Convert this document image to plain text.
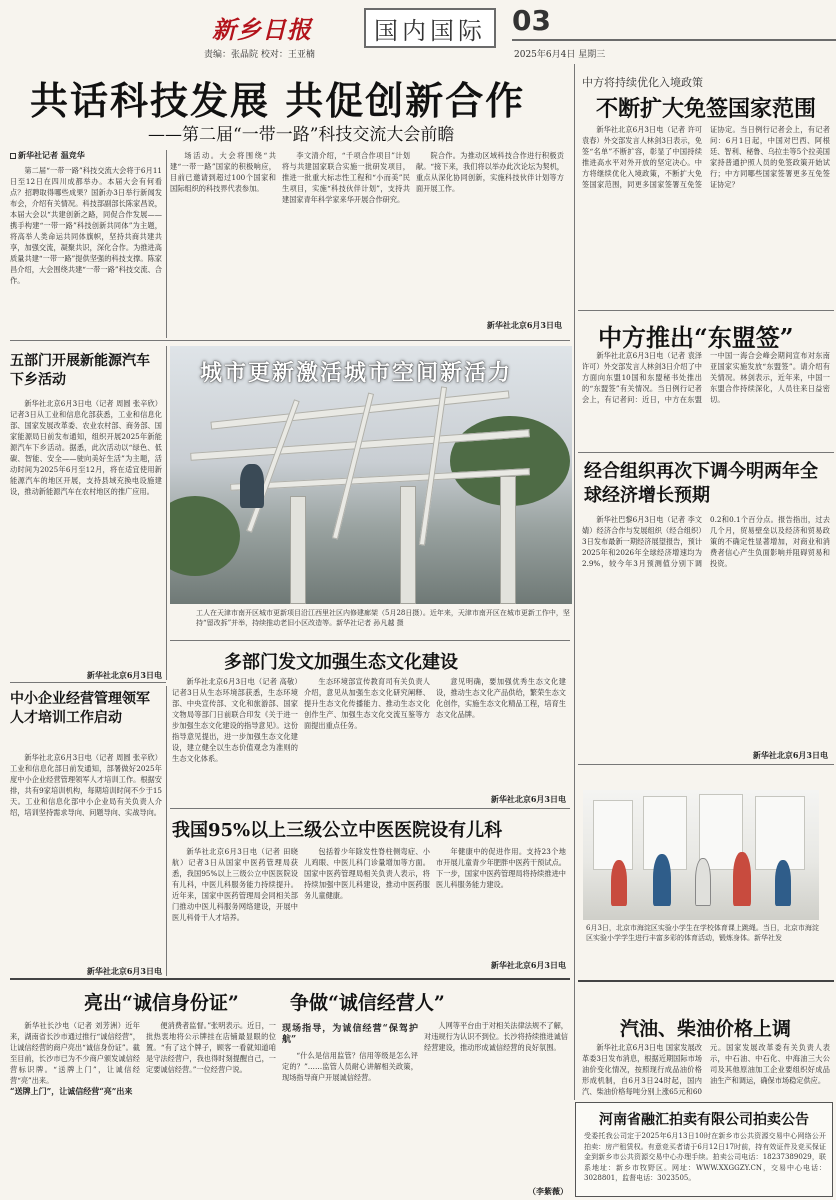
新乡日报
责编：张晶院 校对：王亚楠
国内国际 03
2025年6月4日 星期三
共话科技发展 共促创新合作
——第二届“一带一路”科技交流大会前瞻
新华社记者 温竞华

第二届“一带一路”科技交流大会将于6月11日至12日在四川成都举办。本届大会有何看点？招聘取得哪些成果？国新办3日举行新闻发布会，介绍有关情况。科技部副部长陈家昌说，本届大会以“共建创新之路，同促合作发展——携手构建“一带一路”科技创新共同体”为主题，将高举人类命运共同体旗帜，坚持共商共建共享，加强交流，凝聚共识，深化合作。为推进高质量共建“一带一路”提供坚强的科技支撑。陈家昌介绍，大会围绕共建“一带一路”科技交流、合作。

场活动。大会将围绕“共建“一带一路”国家的积极响应，目前已邀请到超过100个国家和国际组织的科技界代表参加。

李文清介绍，“千项合作项目”计划将与共建国家联合实施一批研发项目，推进一批重大标志性工程和“小而美”民生项目，实施“科技伙伴计划”，支持共建国家青年科学家来华开展合作研究。

院合作。为推动区域科技合作进行积极贡献。“接下来，我们将以举办此次论坛为契机，重点从深化协同创新，实施科技伙伴计划等方面开展工作。

新华社北京6月3日电
中方将持续优化入境政策
不断扩大免签国家范围

新华社北京6月3日电（记者 许可 袁春）外交部发言人林剑3日表示，免签“名单”不断扩容，彰显了中国持续推进高水平对外开放的坚定决心。中方将继续优化入境政策，不断扩大免签国家范围，同更多国家签署互免签证协定。当日例行记者会上，有记者问：6月1日起，中国对巴西、阿根廷、智利、秘鲁、乌拉圭等5个拉美国家持普通护照人员的免签政策开始试行；中方同哪些国家签署更多互免签证协定？

中方推出“东盟签”

新华社北京6月3日电（记者 袁泽 许可）外交部发言人林剑3日介绍了中方面向东盟10国和东盟秘书处推出的“东盟签”有关情况。当日例行记者会上，有记者问：近日，中方在东盟一中国一海合会峰会期间宣布对东南亚国家实施发放“东盟签”。请介绍有关情况。林剑表示，近年来，中国一东盟合作持续深化，人员往来日益密切。

经合组织再次下调今明两年全球经济增长预期

新华社巴黎6月3日电（记者 李文婧）经济合作与发展组织（经合组织）3日发布最新一期经济展望报告，预计2025年和2026年全球经济增速均为2.9%，较今年3月预测值分别下调0.2和0.1个百分点。报告指出，过去几个月，贸易壁垒以及经济和贸易政策的不确定性显著增加，对商业和消费者信心产生负面影响并阻碍贸易和投资。

新华社北京6月3日电
五部门开展新能源汽车下乡活动

新华社北京6月3日电（记者 周圆 张辛欣）记者3日从工业和信息化部获悉，工业和信息化部、国家发展改革委、农业农村部、商务部、国家能源局日前发布通知，组织开展2025年新能源汽车下乡活动。据悉，此次活动以“绿色、低碳、智能、安全——驶向美好生活”为主题，活动时间为2025年6月至12月，将在适宜使用新能源汽车的地区开展，支持县域充换电设施建设，推动新能源汽车在农村地区的推广应用。

新华社北京6月3日电
城市更新激活城市空间新活力
工人在天津市南开区城市更新项目沿江西里社区内修建廊架（5月28日摄）。近年来，天津市南开区在城市更新工作中，坚持“留改拆”并举，持续推动老旧小区改造等。新华社记者 孙凡越 摄
多部门发文加强生态文化建设

新华社北京6月3日电（记者 高敬）记者3日从生态环境部获悉，生态环境部、中央宣传部、文化和旅游部、国家文物局等部门日前联合印发《关于进一步加强生态文化建设的指导意见》。这份指导意见提出，进一步加强生态文化建设，建立健全以生态价值观念为准则的生态文化体系。

生态环境部宣传教育司有关负责人介绍，意见从加强生态文化研究阐释、提升生态文化传播能力、推动生态文化创作生产、加强生态文化交流互鉴等方面提出重点任务。

意见明确，要加强优秀生态文化建设，推动生态文化产品供给，繁荣生态文化创作，实施生态文化精品工程，培育生态文化品牌。

新华社北京6月3日电
我国95%以上三级公立中医医院设有儿科

新华社北京6月3日电（记者 田晓航）记者3日从国家中医药管理局获悉，我国95%以上三级公立中医医院设有儿科，中医儿科服务能力持续提升。近年来，国家中医药管理局会同相关部门推动中医儿科服务网络建设，开展中医儿科骨干人才培养。

包括着少年除发性脊柱侧弯症、小儿鸡眼、中医儿科门诊量增加等方面。国家中医药管理局相关负责人表示，将持续加强中医儿科建设，推动中医药服务儿童健康。

年健康中的促进作用。支持23个地市开展儿童青少年肥胖中医药干预试点。下一步，国家中医药管理局将持续推进中医儿科服务能力建设。

新华社北京6月3日电
中小企业经营管理领军人才培训工作启动

新华社北京6月3日电（记者 周圆 张辛欣）工业和信息化部日前发通知，部署做好2025年度中小企业经营管理领军人才培训工作。根据安排，共有9家培训机构，每期培训时间不少于15天。工业和信息化部中小企业局有关负责人介绍，培训坚持需求导向、问题导向、实战导向。

新华社北京6月3日电
6月3日，北京市海淀区实验小学生在学校体育课上跳绳。当日，北京市海淀区实验小学学生进行丰富多彩的体育活动，锻炼身体。新华社发
亮出“诚信身份证”	争做“诚信经营人”

新华社长沙电（记者 刘芳洲）近年来，湖南省长沙市通过推行“诚信经营”，让诚信经营的商户亮出“诚信身份证”。截至目前，长沙市已为不少商户颁发诚信经营标识牌。“送牌上门”，让诚信经营“亮”出来。

便消费者监督。”张明表示。近日，一批热衷地将公示牌挂在店铺最显眼的位置。“有了这个牌子，顾客一看就知道咱是守法经营户，我也得时刻提醒自己，一定要诚信经营。”一位经营户说。

现场指导，为诚信经营“保驾护航”

“什么是信用监管？信用等级是怎么评定的？”……监管人员耐心讲解相关政策，现场指导商户开展诚信经营。

人网等平台由于对相关法律法规不了解，对违规行为认识不到位。长沙将持续推进诚信经营建设，推动形成诚信经营的良好氛围。

（李紫薇）
“送牌上门”，让诚信经营“亮”出来
汽油、柴油价格上调

新华社北京6月3日电 国家发展改革委3日发布消息，根据近期国际市场油价变化情况，按照现行成品油价格形成机制，自6月3日24时起，国内汽、柴油价格每吨分别上涨65元和60元。国家发展改革委有关负责人表示，中石油、中石化、中海油三大公司及其他原油加工企业要组织好成品油生产和调运，确保市场稳定供应。

河南省融汇拍卖有限公司拍卖公告
受委托我公司定于2025年6月13日10时在新乡市公共资源交易中心网络公开拍卖：房产租赁权。有意竞买者请于6月12日17时前，持有效证件及竞买保证金到新乡市公共资源交易中心办理手续。拍卖公司电话：18237389029，联系地址：新乡市牧野区。网址：WWW.XXGGZY.CN，交易中心电话：3028801，监督电话：3023505。
